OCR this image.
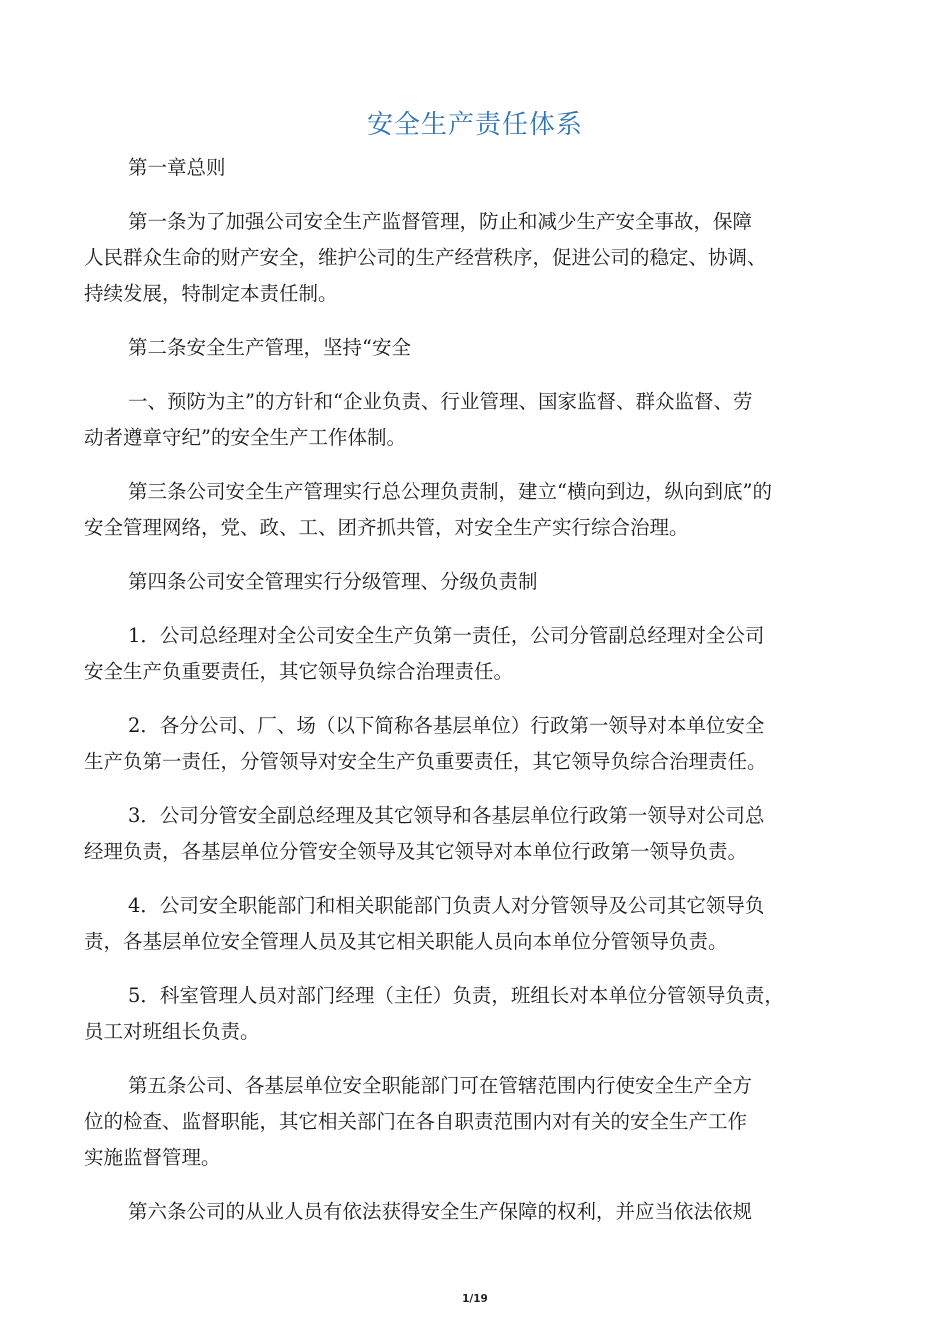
安全生产责任体系

第一章总则

第一条为了加强公司安全生产监督管理，防止和减少生产安全事故，保障
人民群众生命的财产安全，维护公司的生产经营秩序，促进公司的稳定、协调、
持续发展，特制定本责任制。

第二条安全生产管理，坚持“安全

一、预防为主”的方针和“企业负责、行业管理、国家监督、群众监督、劳
动者遵章守纪”的安全生产工作体制。

第三条公司安全生产管理实行总公理负责制，建立“横向到边，纵向到底”的
安全管理网络，党、政、工、团齐抓共管，对安全生产实行综合治理。

第四条公司安全管理实行分级管理、分级负责制

1．公司总经理对全公司安全生产负第一责任，公司分管副总经理对全公司
安全生产负重要责任，其它领导负综合治理责任。

2．各分公司、厂、场（以下简称各基层单位）行政第一领导对本单位安全
生产负第一责任，分管领导对安全生产负重要责任，其它领导负综合治理责任。

3．公司分管安全副总经理及其它领导和各基层单位行政第一领导对公司总
经理负责，各基层单位分管安全领导及其它领导对本单位行政第一领导负责。

4．公司安全职能部门和相关职能部门负责人对分管领导及公司其它领导负
责，各基层单位安全管理人员及其它相关职能人员向本单位分管领导负责。

5．科室管理人员对部门经理（主任）负责，班组长对本单位分管领导负责，
员工对班组长负责。

第五条公司、各基层单位安全职能部门可在管辖范围内行使安全生产全方
位的检查、监督职能，其它相关部门在各自职责范围内对有关的安全生产工作
实施监督管理。

第六条公司的从业人员有依法获得安全生产保障的权利，并应当依法依规

1/19
